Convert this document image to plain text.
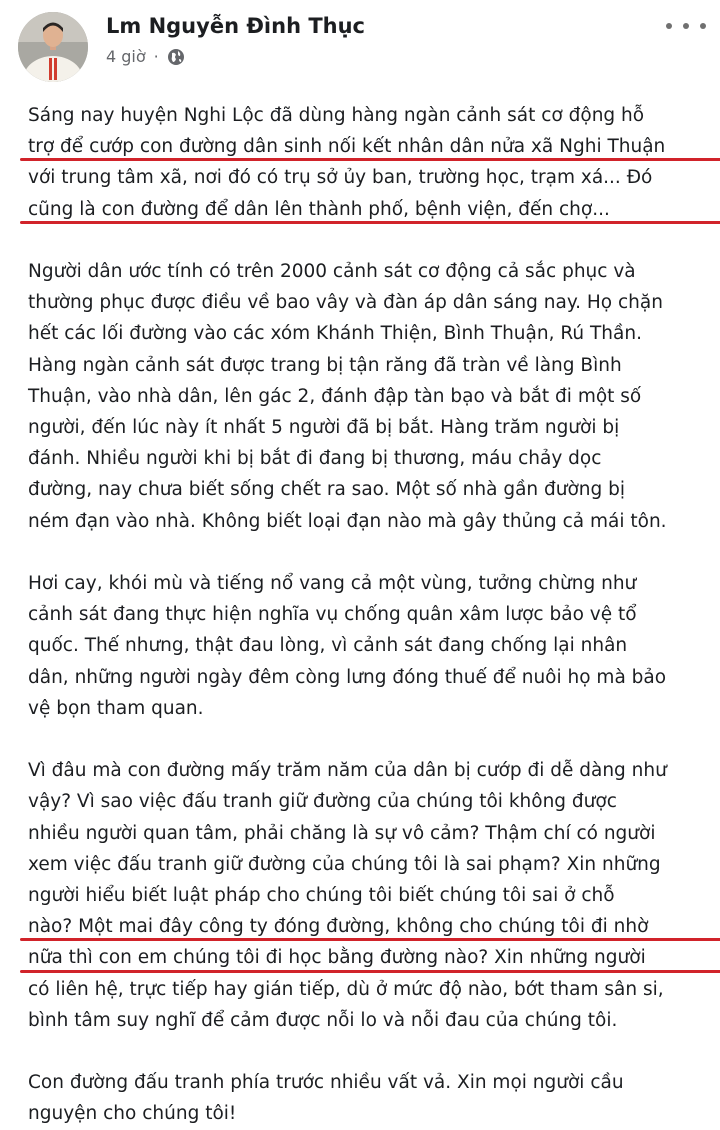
Lm Nguyễn Đình Thục
4 giờ ·
Sáng nay huyện Nghi Lộc đã dùng hàng ngàn cảnh sát cơ động hỗ
trợ để cướp con đường dân sinh nối kết nhân dân nửa xã Nghi Thuận
với trung tâm xã, nơi đó có trụ sở ủy ban, trường học, trạm xá... Đó
cũng là con đường để dân lên thành phố, bệnh viện, đến chợ...
Người dân ước tính có trên 2000 cảnh sát cơ động cả sắc phục và
thường phục được điều về bao vây và đàn áp dân sáng nay. Họ chặn
hết các lối đường vào các xóm Khánh Thiện, Bình Thuận, Rú Thần.
Hàng ngàn cảnh sát được trang bị tận răng đã tràn về làng Bình
Thuận, vào nhà dân, lên gác 2, đánh đập tàn bạo và bắt đi một số
người, đến lúc này ít nhất 5 người đã bị bắt. Hàng trăm người bị
đánh. Nhiều người khi bị bắt đi đang bị thương, máu chảy dọc
đường, nay chưa biết sống chết ra sao. Một số nhà gần đường bị
ném đạn vào nhà. Không biết loại đạn nào mà gây thủng cả mái tôn.
Hơi cay, khói mù và tiếng nổ vang cả một vùng, tưởng chừng như
cảnh sát đang thực hiện nghĩa vụ chống quân xâm lược bảo vệ tổ
quốc. Thế nhưng, thật đau lòng, vì cảnh sát đang chống lại nhân
dân, những người ngày đêm còng lưng đóng thuế để nuôi họ mà bảo
vệ bọn tham quan.
Vì đâu mà con đường mấy trăm năm của dân bị cướp đi dễ dàng như
vậy? Vì sao việc đấu tranh giữ đường của chúng tôi không được
nhiều người quan tâm, phải chăng là sự vô cảm? Thậm chí có người
xem việc đấu tranh giữ đường của chúng tôi là sai phạm? Xin những
người hiểu biết luật pháp cho chúng tôi biết chúng tôi sai ở chỗ
nào? Một mai đây công ty đóng đường, không cho chúng tôi đi nhờ
nữa thì con em chúng tôi đi học bằng đường nào? Xin những người
có liên hệ, trực tiếp hay gián tiếp, dù ở mức độ nào, bớt tham sân si,
bình tâm suy nghĩ để cảm được nỗi lo và nỗi đau của chúng tôi.
Con đường đấu tranh phía trước nhiều vất vả. Xin mọi người cầu
nguyện cho chúng tôi!
